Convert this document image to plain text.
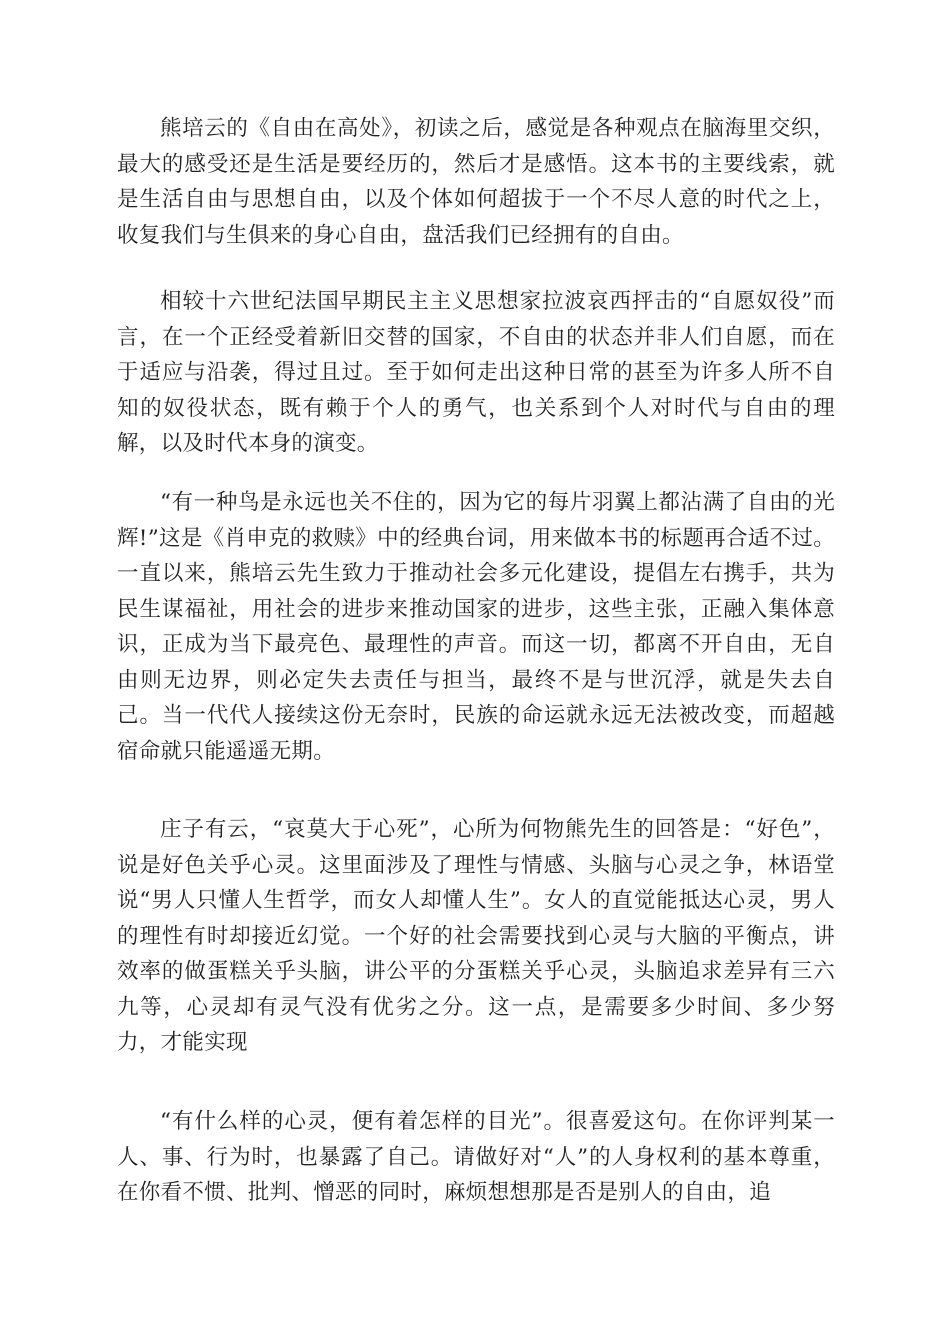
熊培云的《自由在高处》，初读之后，感觉是各种观点在脑海里交织，最大的感受还是生活是要经历的，然后才是感悟。这本书的主要线索，就是生活自由与思想自由，以及个体如何超拔于一个不尽人意的时代之上，收复我们与生俱来的身心自由，盘活我们已经拥有的自由。

相较十六世纪法国早期民主主义思想家拉波哀西抨击的“自愿奴役”而言，在一个正经受着新旧交替的国家，不自由的状态并非人们自愿，而在于适应与沿袭，得过且过。至于如何走出这种日常的甚至为许多人所不自知的奴役状态，既有赖于个人的勇气，也关系到个人对时代与自由的理解，以及时代本身的演变。

“有一种鸟是永远也关不住的，因为它的每片羽翼上都沾满了自由的光辉!”这是《肖申克的救赎》中的经典台词，用来做本书的标题再合适不过。一直以来，熊培云先生致力于推动社会多元化建设，提倡左右携手，共为民生谋福祉，用社会的进步来推动国家的进步，这些主张，正融入集体意识，正成为当下最亮色、最理性的声音。而这一切，都离不开自由，无自由则无边界，则必定失去责任与担当，最终不是与世沉浮，就是失去自己。当一代代人接续这份无奈时，民族的命运就永远无法被改变，而超越宿命就只能遥遥无期。

庄子有云，“哀莫大于心死”，心所为何物熊先生的回答是：“好色”，说是好色关乎心灵。这里面涉及了理性与情感、头脑与心灵之争，林语堂说“男人只懂人生哲学，而女人却懂人生”。女人的直觉能抵达心灵，男人的理性有时却接近幻觉。一个好的社会需要找到心灵与大脑的平衡点，讲效率的做蛋糕关乎头脑，讲公平的分蛋糕关乎心灵，头脑追求差异有三六九等，心灵却有灵气没有优劣之分。这一点，是需要多少时间、多少努力，才能实现

“有什么样的心灵，便有着怎样的目光”。很喜爱这句。在你评判某一人、事、行为时，也暴露了自己。请做好对“人”的人身权利的基本尊重，在你看不惯、批判、憎恶的同时，麻烦想想那是否是别人的自由，追
